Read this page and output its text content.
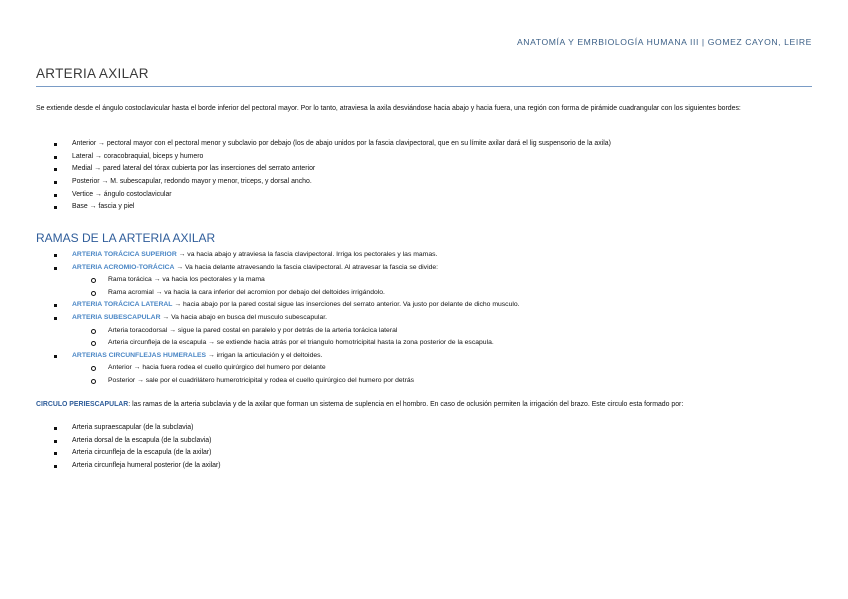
ANATOMÍA Y EMRBIOLOGÍA HUMANA III | GOMEZ CAYON, LEIRE
ARTERIA AXILAR
Se extiende desde el ángulo costoclavicular hasta el borde inferior del pectoral mayor. Por lo tanto, atraviesa la axila desviándose hacia abajo y hacia fuera, una región con forma de pirámide cuadrangular con los siguientes bordes:
Anterior → pectoral mayor con el pectoral menor y subclavio por debajo (los de abajo unidos por la fascia clavipectoral, que en su límite axilar dará el lig suspensorio de la axila)
Lateral → coracobraquial, biceps y humero
Medial → pared lateral del tórax cubierta por las inserciones del serrato anterior
Posterior → M. subescapular, redondo mayor y menor, triceps, y dorsal ancho.
Vertice → ángulo costoclavicular
Base → fascia y piel
RAMAS DE LA ARTERIA AXILAR
ARTERIA TORÁCICA SUPERIOR → va hacia abajo y atraviesa la fascia clavipectoral. Irriga los pectorales y las mamas.
ARTERIA ACROMIO-TORÁCICA → Va hacia delante atravesando la fascia clavipectoral. Al atravesar la fascia se divide:
Rama torácica → va hacia los pectorales y la mama
Rama acromial → va hacia la cara inferior del acromion por debajo del deltoides irrigándolo.
ARTERIA TORÁCICA LATERAL → hacia abajo por la pared costal sigue las inserciones del serrato anterior. Va justo por delante de dicho musculo.
ARTERIA SUBESCAPULAR → Va hacia abajo en busca del musculo subescapular.
Arteria toracodorsal → sigue la pared costal en paralelo y por detrás de la arteria torácica lateral
Arteria circunfleja de la escapula → se extiende hacia atrás por el triangulo homotricipital hasta la zona posterior de la escapula.
ARTERIAS CIRCUNFLEJAS HUMERALES → irrigan la articulación y el deltoides.
Anterior → hacia fuera rodea el cuello quirúrgico del humero por delante
Posterior → sale por el cuadrilátero humerotricipital y rodea el cuello quirúrgico del humero por detrás
CIRCULO PERIESCAPULAR: las ramas de la arteria subclavia y de la axilar que forman un sistema de suplencia en el hombro. En caso de oclusión permiten la irrigación del brazo. Este circulo esta formado por:
Arteria supraescapular (de la subclavia)
Arteria dorsal de la escapula (de la subclavia)
Arteria circunfleja de la escapula (de la axilar)
Arteria circunfleja humeral posterior (de la axilar)
